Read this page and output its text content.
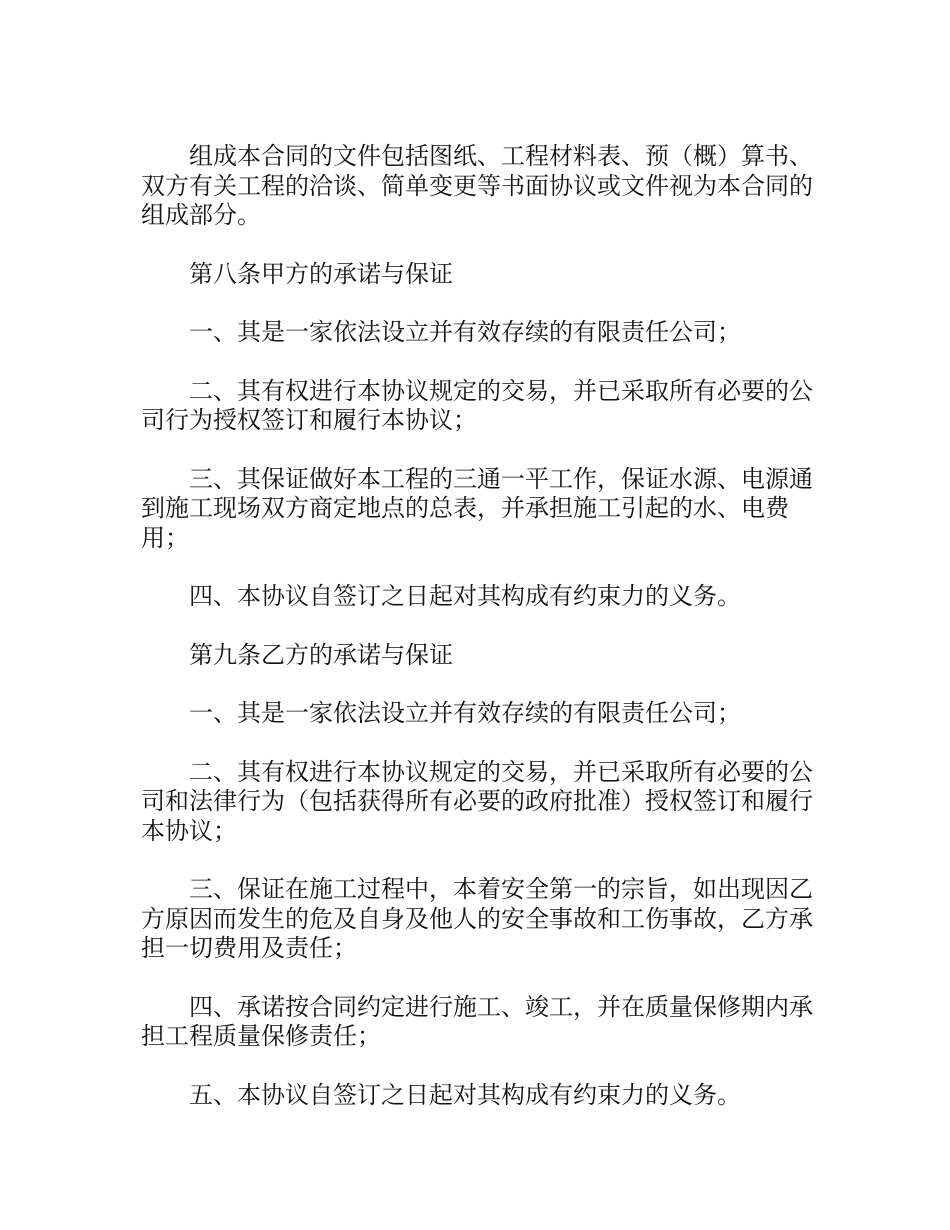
组成本合同的文件包括图纸、工程材料表、预（概）算书、双方有关工程的洽谈、简单变更等书面协议或文件视为本合同的组成部分。

第八条甲方的承诺与保证

一、其是一家依法设立并有效存续的有限责任公司；

二、其有权进行本协议规定的交易，并已采取所有必要的公司行为授权签订和履行本协议；

三、其保证做好本工程的三通一平工作，保证水源、电源通到施工现场双方商定地点的总表，并承担施工引起的水、电费用；

四、本协议自签订之日起对其构成有约束力的义务。

第九条乙方的承诺与保证

一、其是一家依法设立并有效存续的有限责任公司；

二、其有权进行本协议规定的交易，并已采取所有必要的公司和法律行为（包括获得所有必要的政府批准）授权签订和履行本协议；

三、保证在施工过程中，本着安全第一的宗旨，如出现因乙方原因而发生的危及自身及他人的安全事故和工伤事故，乙方承担一切费用及责任；

四、承诺按合同约定进行施工、竣工，并在质量保修期内承担工程质量保修责任；

五、本协议自签订之日起对其构成有约束力的义务。
